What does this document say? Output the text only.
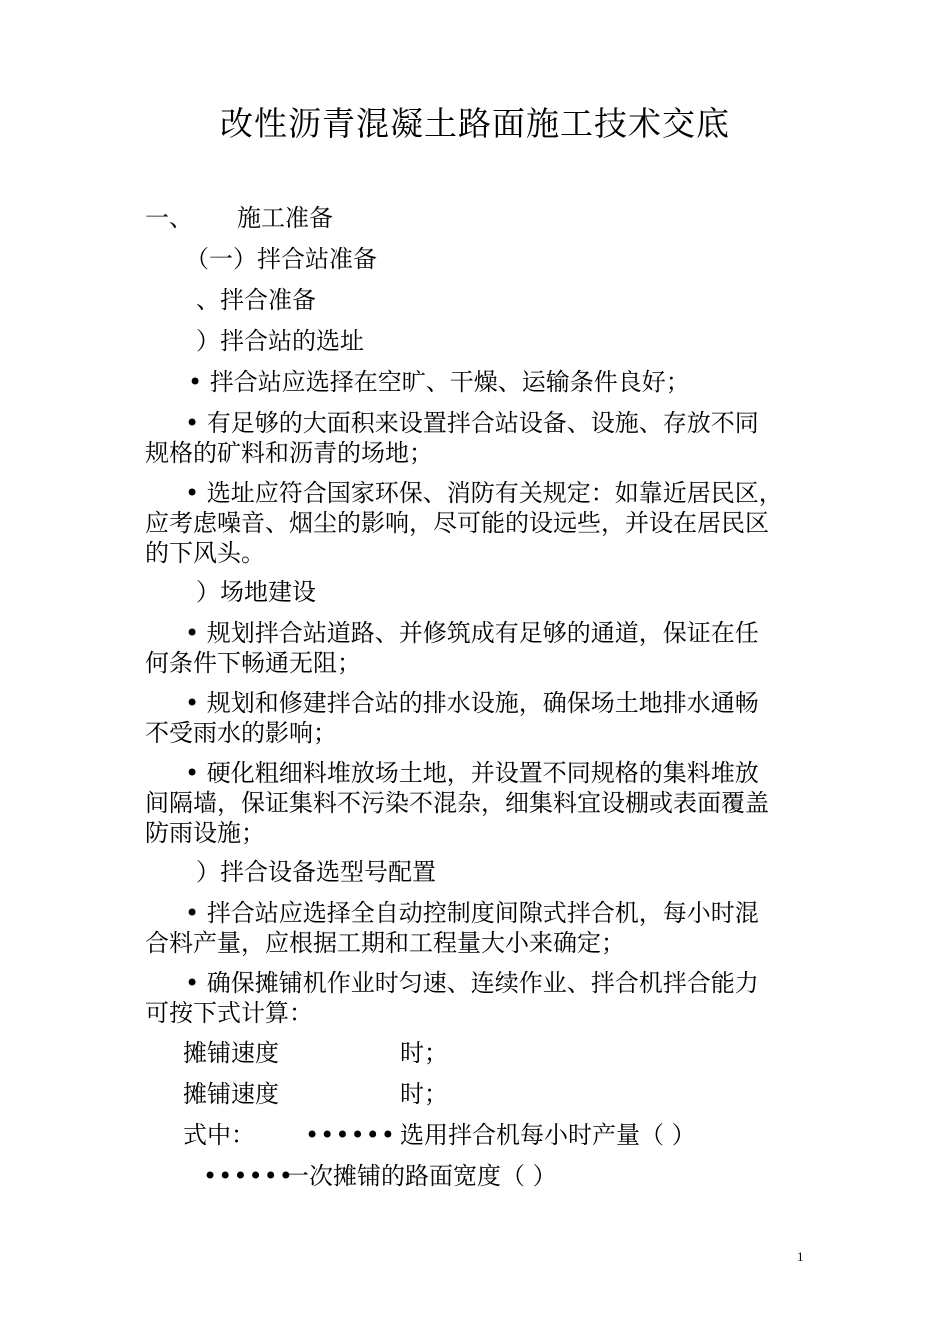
改性沥青混凝土路面施工技术交底
一、 施工准备
（一）拌合站准备
、拌合准备
）拌合站的选址
• 拌合站应选择在空旷、干燥、运输条件良好；
• 有足够的大面积来设置拌合站设备、设施、存放不同
规格的矿料和沥青的场地；
• 选址应符合国家环保、消防有关规定：如靠近居民区，
应考虑噪音、烟尘的影响，尽可能的设远些，并设在居民区
的下风头。
）场地建设
• 规划拌合站道路、并修筑成有足够的通道，保证在任
何条件下畅通无阻；
• 规划和修建拌合站的排水设施，确保场土地排水通畅
不受雨水的影响；
• 硬化粗细料堆放场土地，并设置不同规格的集料堆放
间隔墙，保证集料不污染不混杂，细集料宜设棚或表面覆盖
防雨设施；
）拌合设备选型号配置
• 拌合站应选择全自动控制度间隙式拌合机，每小时混
合料产量，应根据工期和工程量大小来确定；
• 确保摊铺机作业时匀速、连续作业、拌合机拌合能力
可按下式计算：
摊铺速度	时；
摊铺速度	时；
式中： •••••• 选用拌合机每小时产量（ ）
••••••
一次摊铺的路面宽度（ ）
1
